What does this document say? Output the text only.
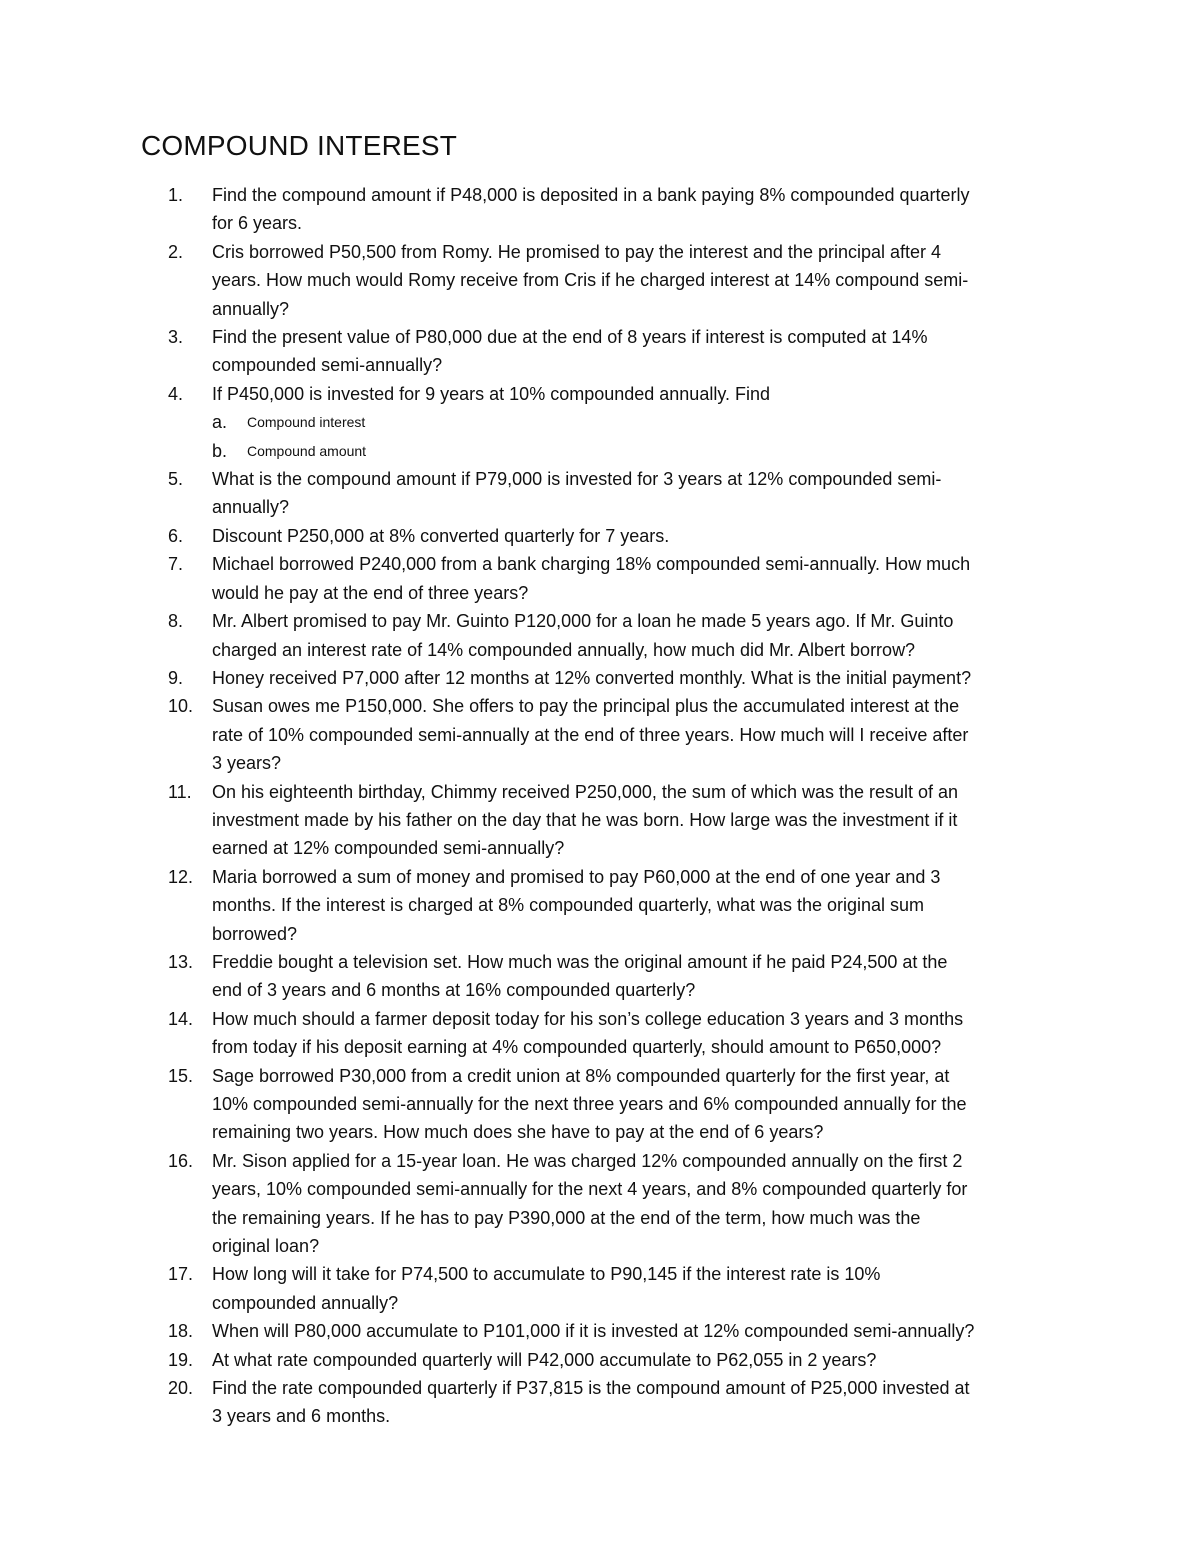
COMPOUND INTEREST
1.	Find the compound amount if P48,000 is deposited in a bank paying 8% compounded quarterly
for 6 years.
2.	Cris borrowed P50,500 from Romy. He promised to pay the interest and the principal after 4
years. How much would Romy receive from Cris if he charged interest at 14% compound semi-
annually?
3.	Find the present value of P80,000 due at the end of 8 years if interest is computed at 14%
compounded semi-annually?
4.	If P450,000 is invested for 9 years at 10% compounded annually. Find
a.	Compound interest
b.	Compound amount
5.	What is the compound amount if P79,000 is invested for 3 years at 12% compounded semi-
annually?
6.	Discount P250,000 at 8% converted quarterly for 7 years.
7.	Michael borrowed P240,000 from a bank charging 18% compounded semi-annually. How much
would he pay at the end of three years?
8.	Mr. Albert promised to pay Mr. Guinto P120,000 for a loan he made 5 years ago. If Mr. Guinto
charged an interest rate of 14% compounded annually, how much did Mr. Albert borrow?
9.	Honey received P7,000 after 12 months at 12% converted monthly. What is the initial payment?
10.	Susan owes me P150,000. She offers to pay the principal plus the accumulated interest at the
rate of 10% compounded semi-annually at the end of three years. How much will I receive after
3 years?
11.	On his eighteenth birthday, Chimmy received P250,000, the sum of which was the result of an
investment made by his father on the day that he was born. How large was the investment if it
earned at 12% compounded semi-annually?
12.	Maria borrowed a sum of money and promised to pay P60,000 at the end of one year and 3
months. If the interest is charged at 8% compounded quarterly, what was the original sum
borrowed?
13.	Freddie bought a television set. How much was the original amount if he paid P24,500 at the
end of 3 years and 6 months at 16% compounded quarterly?
14.	How much should a farmer deposit today for his son’s college education 3 years and 3 months
from today if his deposit earning at 4% compounded quarterly, should amount to P650,000?
15.	Sage borrowed P30,000 from a credit union at 8% compounded quarterly for the first year, at
10% compounded semi-annually for the next three years and 6% compounded annually for the
remaining two years. How much does she have to pay at the end of 6 years?
16.	Mr. Sison applied for a 15-year loan. He was charged 12% compounded annually on the first 2
years, 10% compounded semi-annually for the next 4 years, and 8% compounded quarterly for
the remaining years. If he has to pay P390,000 at the end of the term, how much was the
original loan?
17.	How long will it take for P74,500 to accumulate to P90,145 if the interest rate is 10%
compounded annually?
18.	When will P80,000 accumulate to P101,000 if it is invested at 12% compounded semi-annually?
19.	At what rate compounded quarterly will P42,000 accumulate to P62,055 in 2 years?
20.	Find the rate compounded quarterly if P37,815 is the compound amount of P25,000 invested at
3 years and 6 months.
